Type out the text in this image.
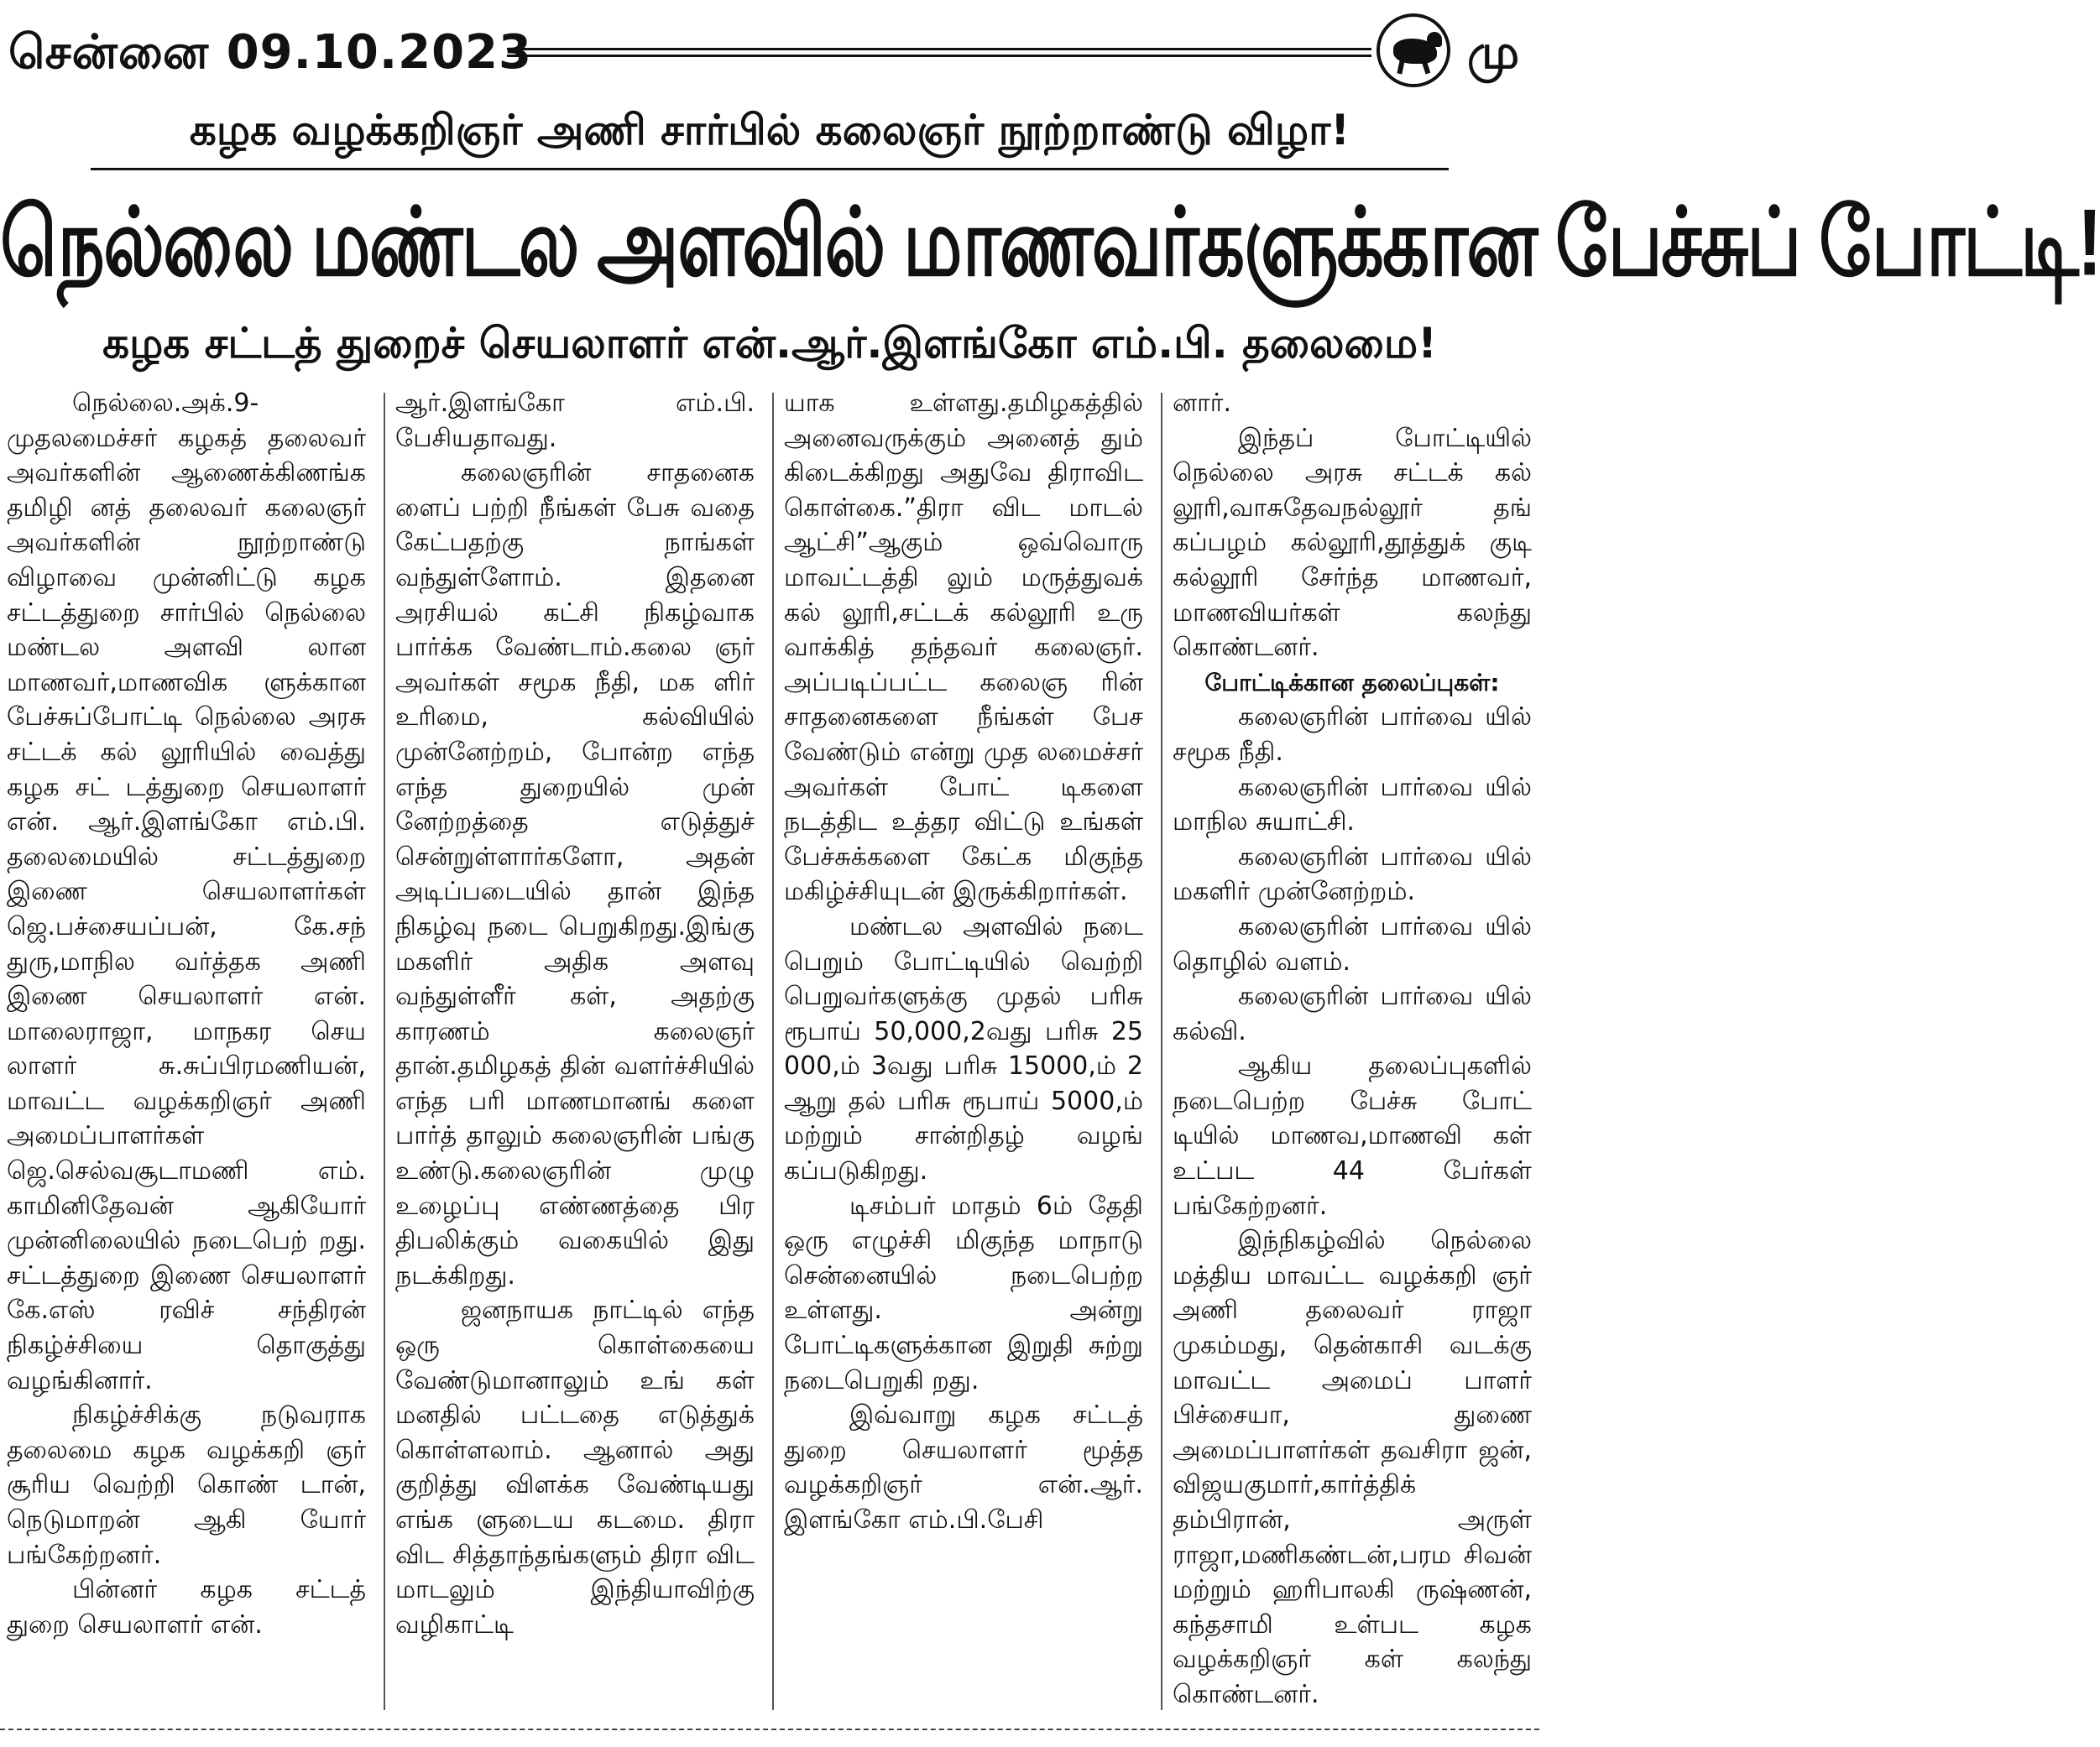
சென்னை 09.10.2023	மு
கழக வழக்கறிஞர் அணி சார்பில் கலைஞர் நூற்றாண்டு விழா!
நெல்லை மண்டல அளவில் மாணவர்களுக்கான பேச்சுப் போட்டி!
கழக சட்டத் துறைச் செயலாளர் என்.ஆர்.இளங்கோ எம்.பி. தலைமை!

நெல்லை.அக்.9- முதலமைச்சர் கழகத் தலைவர் அவர்களின் ஆணைக்கிணங்க தமிழி னத் தலைவர் கலைஞர் அவர்களின் நூற்றாண்டு விழாவை முன்னிட்டு கழக சட்டத்துறை சார்பில் நெல்லை மண்டல அளவி லான மாணவர்,மாணவிக ளுக்கான பேச்சுப்போட்டி நெல்லை அரசு சட்டக் கல் லூரியில் வைத்து கழக சட் டத்துறை செயலாளர் என். ஆர்.இளங்கோ எம்.பி. தலைமையில் சட்டத்துறை இணை செயலாளர்கள் ஜெ.பச்சையப்பன், கே.சந் துரு,மாநில வர்த்தக அணி இணை செயலாளர் என். மாலைராஜா, மாநகர செய லாளர் சு.சுப்பிரமணியன், மாவட்ட வழக்கறிஞர் அணி அமைப்பாளர்கள் ஜெ.செல்வசூடாமணி எம். காமினிதேவன் ஆகியோர் முன்னிலையில் நடைபெற் றது. சட்டத்துறை இணை செயலாளர் கே.எஸ் ரவிச் சந்திரன் நிகழ்ச்சியை தொகுத்து வழங்கினார்.

நிகழ்ச்சிக்கு நடுவராக தலைமை கழக வழக்கறி ஞர் சூரிய வெற்றி கொண் டான், நெடுமாறன் ஆகி யோர் பங்கேற்றனர்.

பின்னர் கழக சட்டத் துறை செயலாளர் என்.

ஆர்.இளங்கோ எம்.பி. பேசியதாவது.

கலைஞரின் சாதனைக ளைப் பற்றி நீங்கள் பேசு வதை கேட்பதற்கு நாங்கள் வந்துள்ளோம். இதனை அரசியல் கட்சி நிகழ்வாக பார்க்க வேண்டாம்.கலை ஞர் அவர்கள் சமூக நீதி, மக ளிர் உரிமை, கல்வியில் முன்னேற்றம், போன்ற எந்த எந்த துறையில் முன் னேற்றத்தை எடுத்துச் சென்றுள்ளார்களோ, அதன் அடிப்படையில் தான் இந்த நிகழ்வு நடை பெறுகிறது.இங்கு மகளிர் அதிக அளவு வந்துள்ளீர் கள், அதற்கு காரணம் கலைஞர் தான்.தமிழகத் தின் வளர்ச்சியில் எந்த பரி மாணமானங் களை பார்த் தாலும் கலைஞரின் பங்கு உண்டு.கலைஞரின் முழு உழைப்பு எண்ணத்தை பிர திபலிக்கும் வகையில் இது நடக்கிறது.

ஜனநாயக நாட்டில் எந்த ஒரு கொள்கையை வேண்டுமானாலும் உங் கள் மனதில் பட்டதை எடுத்துக் கொள்ளலாம். ஆனால் அது குறித்து விளக்க வேண்டியது எங்க ளுடைய கடமை. திரா விட சித்தாந்தங்களும் திரா விட மாடலும் இந்தியாவிற்கு வழிகாட்டி

யாக உள்ளது.தமிழகத்தில் அனைவருக்கும் அனைத் தும் கிடைக்கிறது அதுவே திராவிட கொள்கை.”திரா விட மாடல் ஆட்சி”ஆகும் ஒவ்வொரு மாவட்டத்தி லும் மருத்துவக் கல் லூரி,சட்டக் கல்லூரி உரு வாக்கித் தந்தவர் கலைஞர். அப்படிப்பட்ட கலைஞ ரின் சாதனைகளை நீங்கள் பேச வேண்டும் என்று முத லமைச்சர் அவர்கள் போட் டிகளை நடத்திட உத்தர விட்டு உங்கள் பேச்சுக்களை கேட்க மிகுந்த மகிழ்ச்சியுடன் இருக்கிறார்கள்.

மண்டல அளவில் நடை பெறும் போட்டியில் வெற்றி பெறுவர்களுக்கு முதல் பரிசு ரூபாய் 50,000,2வது பரிசு 25 000,ம் 3வது பரிசு 15000,ம் 2 ஆறு தல் பரிசு ரூபாய் 5000,ம் மற்றும் சான்றிதழ் வழங் கப்படுகிறது.

டிசம்பர் மாதம் 6ம் தேதி ஒரு எழுச்சி மிகுந்த மாநாடு சென்னையில் நடைபெற்ற உள்ளது. அன்று போட்டிகளுக்கான இறுதி சுற்று நடைபெறுகி றது.

இவ்வாறு கழக சட்டத் துறை செயலாளர் மூத்த வழக்கறிஞர் என்.ஆர். இளங்கோ எம்.பி.பேசி

னார்.

இந்தப் போட்டியில் நெல்லை அரசு சட்டக் கல் லூரி,வாசுதேவநல்லூர் தங் கப்பழம் கல்லூரி,தூத்துக் குடி கல்லூரி சேர்ந்த மாணவர், மாணவியர்கள் கலந்து கொண்டனர்.

போட்டிக்கான தலைப்புகள்:

கலைஞரின் பார்வை யில் சமூக நீதி.

கலைஞரின் பார்வை யில் மாநில சுயாட்சி.

கலைஞரின் பார்வை யில் மகளிர் முன்னேற்றம்.

கலைஞரின் பார்வை யில் தொழில் வளம்.

கலைஞரின் பார்வை யில் கல்வி.

ஆகிய தலைப்புகளில் நடைபெற்ற பேச்சு போட் டியில் மாணவ,மாணவி கள் உட்பட 44 பேர்கள் பங்கேற்றனர்.

இந்நிகழ்வில் நெல்லை மத்திய மாவட்ட வழக்கறி ஞர் அணி தலைவர் ராஜா முகம்மது, தென்காசி வடக்கு மாவட்ட அமைப் பாளர் பிச்சையா, துணை அமைப்பாளர்கள் தவசிரா ஜன், விஜயகுமார்,கார்த்திக் தம்பிரான், அருள் ராஜா,மணிகண்டன்,பரம சிவன் மற்றும் ஹரிபாலகி ருஷ்ணன், கந்தசாமி உள்பட கழக வழக்கறிஞர் கள் கலந்து கொண்டனர்.
